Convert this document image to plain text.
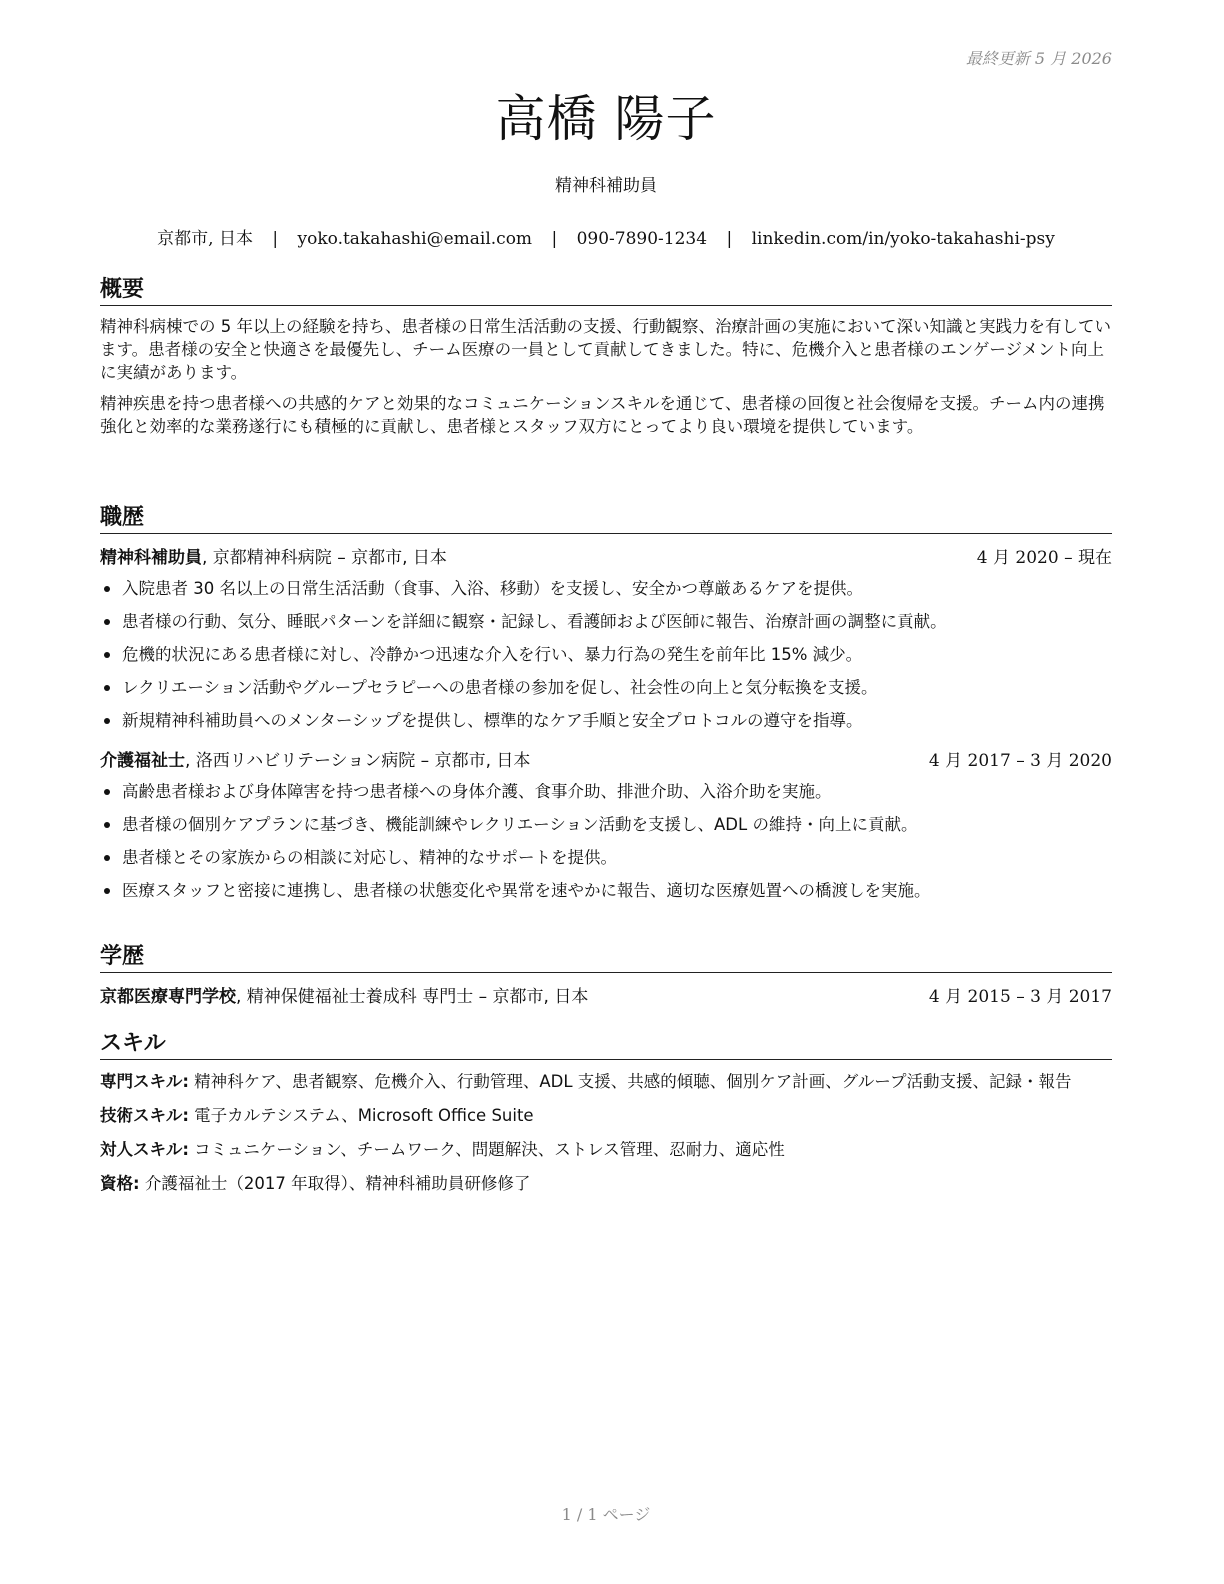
最終更新 5 月 2026
高橋 陽子
精神科補助員
京都市, 日本 | yoko.takahashi@email.com | 090-7890-1234 | linkedin.com/in/yoko-takahashi-psy
概要
精神科病棟での 5 年以上の経験を持ち、患者様の日常生活活動の支援、行動観察、治療計画の実施において深い知識と実践力を有しています。患者様の安全と快適さを最優先し、チーム医療の一員として貢献してきました。特に、危機介入と患者様のエンゲージメント向上に実績があります。
精神疾患を持つ患者様への共感的ケアと効果的なコミュニケーションスキルを通じて、患者様の回復と社会復帰を支援。チーム内の連携強化と効率的な業務遂行にも積極的に貢献し、患者様とスタッフ双方にとってより良い環境を提供しています。
職歴
精神科補助員, 京都精神科病院 – 京都市, 日本	4 月 2020 – 現在
入院患者 30 名以上の日常生活活動（食事、入浴、移動）を支援し、安全かつ尊厳あるケアを提供。
患者様の行動、気分、睡眠パターンを詳細に観察・記録し、看護師および医師に報告、治療計画の調整に貢献。
危機的状況にある患者様に対し、冷静かつ迅速な介入を行い、暴力行為の発生を前年比 15% 減少。
レクリエーション活動やグループセラピーへの患者様の参加を促し、社会性の向上と気分転換を支援。
新規精神科補助員へのメンターシップを提供し、標準的なケア手順と安全プロトコルの遵守を指導。
介護福祉士, 洛西リハビリテーション病院 – 京都市, 日本	4 月 2017 – 3 月 2020
高齢患者様および身体障害を持つ患者様への身体介護、食事介助、排泄介助、入浴介助を実施。
患者様の個別ケアプランに基づき、機能訓練やレクリエーション活動を支援し、ADL の維持・向上に貢献。
患者様とその家族からの相談に対応し、精神的なサポートを提供。
医療スタッフと密接に連携し、患者様の状態変化や異常を速やかに報告、適切な医療処置への橋渡しを実施。
学歴
京都医療専門学校, 精神保健福祉士養成科 専門士 – 京都市, 日本	4 月 2015 – 3 月 2017
スキル
専門スキル: 精神科ケア、患者観察、危機介入、行動管理、ADL 支援、共感的傾聴、個別ケア計画、グループ活動支援、記録・報告
技術スキル: 電子カルテシステム、Microsoft Office Suite
対人スキル: コミュニケーション、チームワーク、問題解決、ストレス管理、忍耐力、適応性
資格: 介護福祉士（2017 年取得）、精神科補助員研修修了
1 / 1 ページ
